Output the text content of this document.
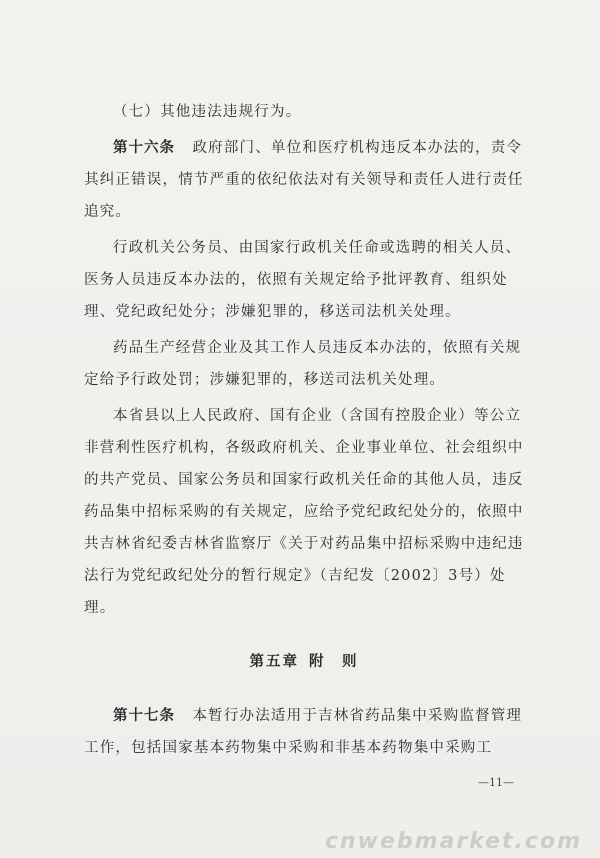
（七）其他违法违规行为。

第十六条 政府部门、单位和医疗机构违反本办法的，责令其纠正错误，情节严重的依纪依法对有关领导和责任人进行责任追究。

行政机关公务员、由国家行政机关任命或选聘的相关人员、医务人员违反本办法的，依照有关规定给予批评教育、组织处理、党纪政纪处分；涉嫌犯罪的，移送司法机关处理。

药品生产经营企业及其工作人员违反本办法的，依照有关规定给予行政处罚；涉嫌犯罪的，移送司法机关处理。

本省县以上人民政府、国有企业（含国有控股企业）等公立非营利性医疗机构，各级政府机关、企业事业单位、社会组织中的共产党员、国家公务员和国家行政机关任命的其他人员，违反药品集中招标采购的有关规定，应给予党纪政纪处分的，依照中共吉林省纪委吉林省监察厅《关于对药品集中招标采购中违纪违法行为党纪政纪处分的暂行规定》（吉纪发〔2002〕3号）处理。

第五章 附　则

第十七条 本暂行办法适用于吉林省药品集中采购监督管理工作，包括国家基本药物集中采购和非基本药物集中采购工

—11—
cnwebmarket.com
